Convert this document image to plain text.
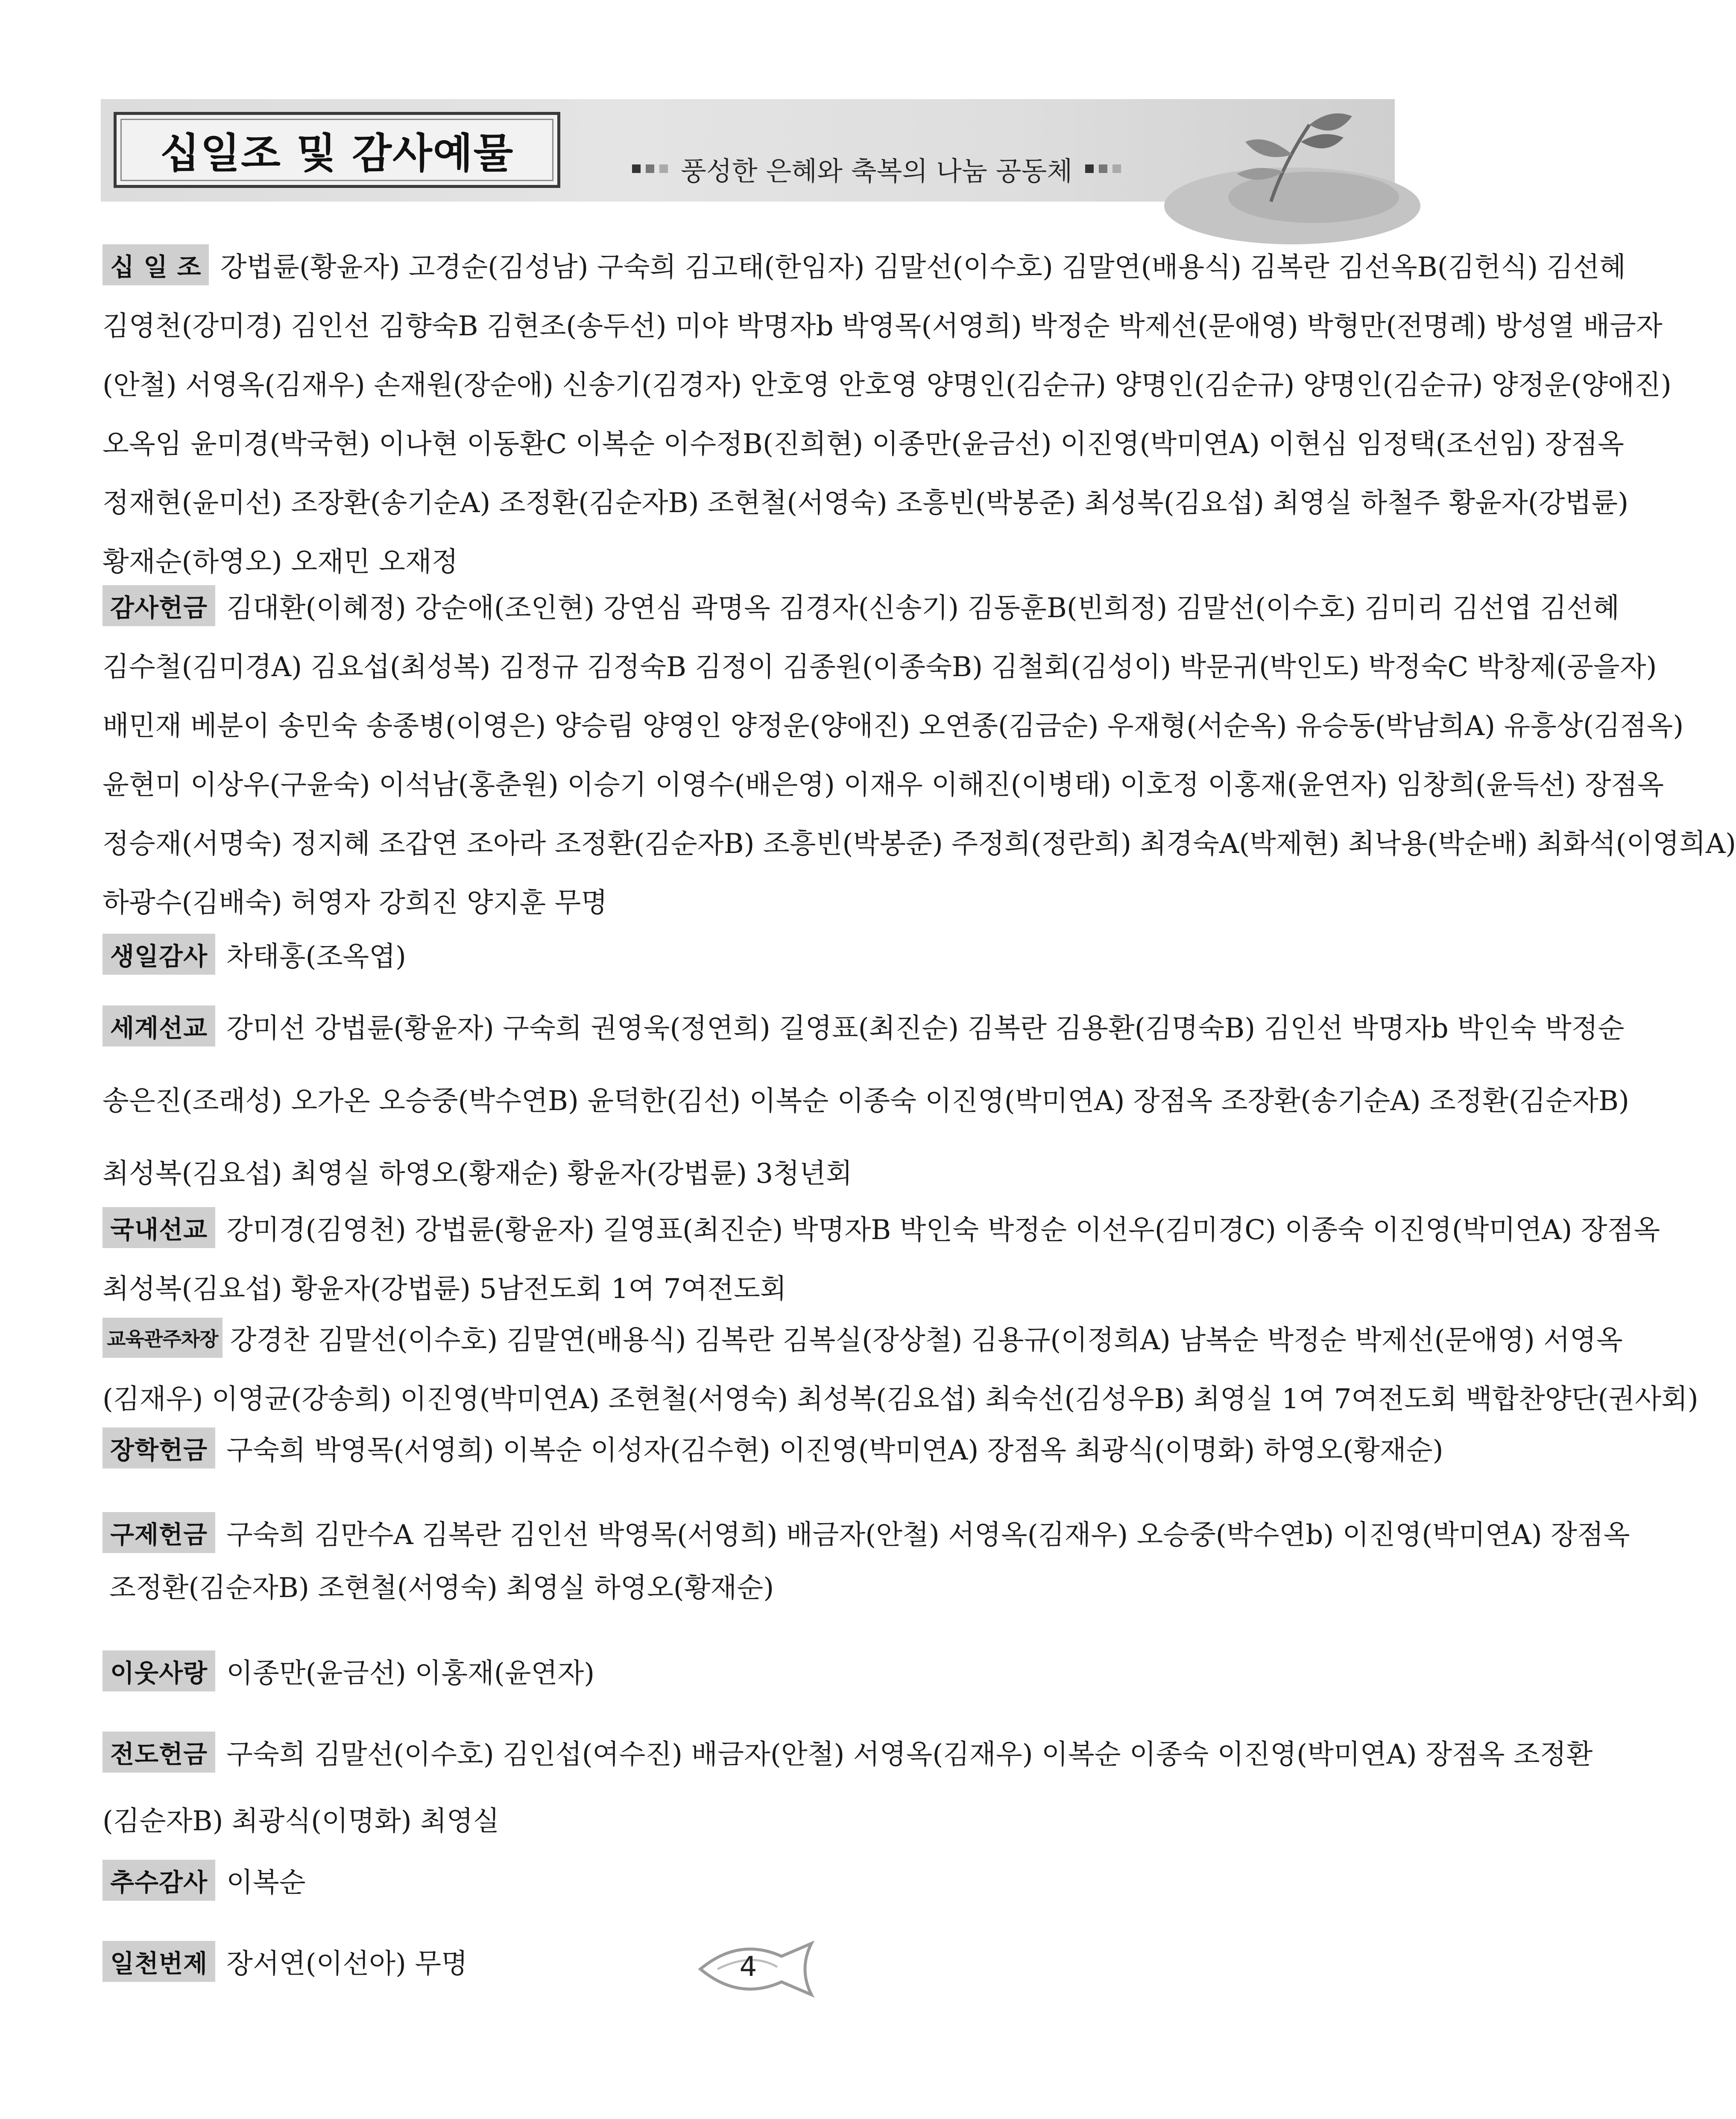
십일조 및 감사예물	풍성한 은혜와 축복의 나눔 공동체
십 일 조 강법륜(황윤자) 고경순(김성남) 구숙희 김고태(한임자) 김말선(이수호) 김말연(배용식) 김복란 김선옥B(김헌식) 김선혜
김영천(강미경) 김인선 김향숙B 김현조(송두선) 미야 박명자b 박영목(서영희) 박정순 박제선(문애영) 박형만(전명례) 방성열 배금자
(안철) 서영옥(김재우) 손재원(장순애) 신송기(김경자) 안호영 안호영 양명인(김순규) 양명인(김순규) 양명인(김순규) 양정운(양애진)
오옥임 윤미경(박국현) 이나현 이동환C 이복순 이수정B(진희현) 이종만(윤금선) 이진영(박미연A) 이현심 임정택(조선임) 장점옥
정재현(윤미선) 조장환(송기순A) 조정환(김순자B) 조현철(서영숙) 조흥빈(박봉준) 최성복(김요섭) 최영실 하철주 황윤자(강법륜)
황재순(하영오) 오재민 오재정
감사헌금 김대환(이혜정) 강순애(조인현) 강연심 곽명옥 김경자(신송기) 김동훈B(빈희정) 김말선(이수호) 김미리 김선엽 김선혜
김수철(김미경A) 김요섭(최성복) 김정규 김정숙B 김정이 김종원(이종숙B) 김철회(김성이) 박문귀(박인도) 박정숙C 박창제(공을자)
배민재 베분이 송민숙 송종병(이영은) 양승림 양영인 양정운(양애진) 오연종(김금순) 우재형(서순옥) 유승동(박남희A) 유흥상(김점옥)
윤현미 이상우(구윤숙) 이석남(홍춘원) 이승기 이영수(배은영) 이재우 이해진(이병태) 이호정 이홍재(윤연자) 임창희(윤득선) 장점옥
정승재(서명숙) 정지혜 조갑연 조아라 조정환(김순자B) 조흥빈(박봉준) 주정희(정란희) 최경숙A(박제현) 최낙용(박순배) 최화석(이영희A)
하광수(김배숙) 허영자 강희진 양지훈 무명
생일감사 차태홍(조옥엽)
세계선교 강미선 강법륜(황윤자) 구숙희 권영욱(정연희) 길영표(최진순) 김복란 김용환(김명숙B) 김인선 박명자b 박인숙 박정순
송은진(조래성) 오가온 오승중(박수연B) 윤덕한(김선) 이복순 이종숙 이진영(박미연A) 장점옥 조장환(송기순A) 조정환(김순자B)
최성복(김요섭) 최영실 하영오(황재순) 황윤자(강법륜) 3청년회
국내선교 강미경(김영천) 강법륜(황윤자) 길영표(최진순) 박명자B 박인숙 박정순 이선우(김미경C) 이종숙 이진영(박미연A) 장점옥
최성복(김요섭) 황윤자(강법륜) 5남전도회 1여 7여전도회
교육관주차장 강경찬 김말선(이수호) 김말연(배용식) 김복란 김복실(장상철) 김용규(이정희A) 남복순 박정순 박제선(문애영) 서영옥
(김재우) 이영균(강송희) 이진영(박미연A) 조현철(서영숙) 최성복(김요섭) 최숙선(김성우B) 최영실 1여 7여전도회 백합찬양단(권사회)
장학헌금 구숙희 박영목(서영희) 이복순 이성자(김수현) 이진영(박미연A) 장점옥 최광식(이명화) 하영오(황재순)
구제헌금 구숙희 김만수A 김복란 김인선 박영목(서영희) 배금자(안철) 서영옥(김재우) 오승중(박수연b) 이진영(박미연A) 장점옥
조정환(김순자B) 조현철(서영숙) 최영실 하영오(황재순)
이웃사랑 이종만(윤금선) 이홍재(윤연자)
전도헌금 구숙희 김말선(이수호) 김인섭(여수진) 배금자(안철) 서영옥(김재우) 이복순 이종숙 이진영(박미연A) 장점옥 조정환
(김순자B) 최광식(이명화) 최영실
추수감사 이복순
일천번제 장서연(이선아) 무명	4
